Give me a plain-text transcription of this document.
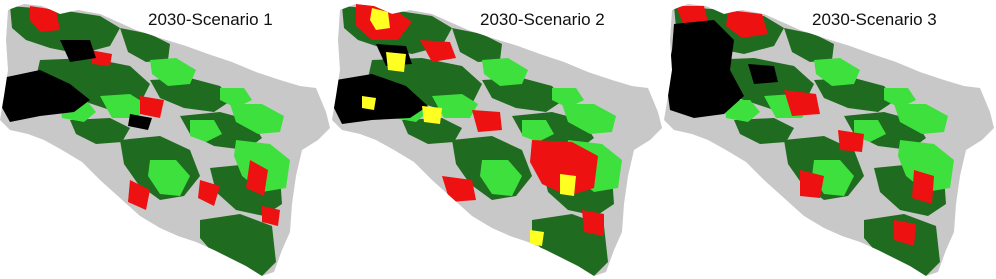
2030-Scenario 1	2030-Scenario 2	2030-Scenario 3
